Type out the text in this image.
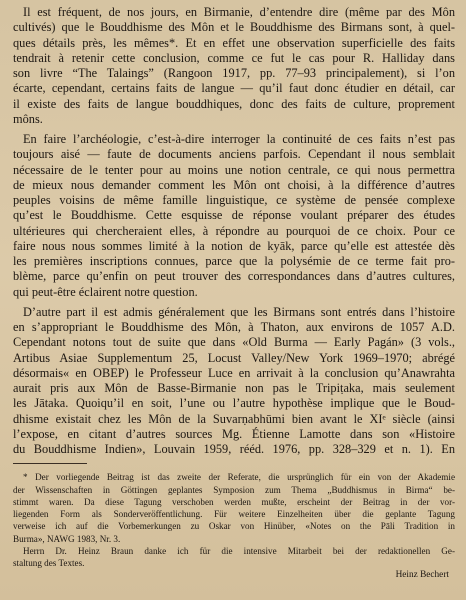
Il est fréquent, de nos jours, en Birmanie, d’entendre dire (même par des Môn
cultivés) que le Bouddhisme des Môn et le Bouddhisme des Birmans sont, à quel-
ques détails près, les mêmes*. Et en effet une observation superficielle des faits
tendrait à retenir cette conclusion, comme ce fut le cas pour R. Halliday dans
son livre “The Talaings” (Rangoon 1917, pp. 77–93 principalement), si l’on
écarte, cependant, certains faits de langue — qu’il faut donc étudier en détail, car
il existe des faits de langue bouddhiques, donc des faits de culture, proprement
môns.

En faire l’archéologie, c’est-à-dire interroger la continuité de ces faits n’est pas
toujours aisé — faute de documents anciens parfois. Cependant il nous semblait
nécessaire de le tenter pour au moins une notion centrale, ce qui nous permettra
de mieux nous demander comment les Môn ont choisi, à la différence d’autres
peuples voisins de même famille linguistique, ce système de pensée complexe
qu’est le Bouddhisme. Cette esquisse de réponse voulant préparer des études
ultérieures qui chercheraient elles, à répondre au pourquoi de ce choix. Pour ce
faire nous nous sommes limité à la notion de kyāk, parce qu’elle est attestée dès
les premières inscriptions connues, parce que la polysémie de ce terme fait pro-
blème, parce qu’enfin on peut trouver des correspondances dans d’autres cultures,
qui peut-être éclairent notre question.

D’autre part il est admis généralement que les Birmans sont entrés dans l’histoire
en s’appropriant le Bouddhisme des Môn, à Thaton, aux environs de 1057 A.D.
Cependant notons tout de suite que dans «Old Burma — Early Pagán» (3 vols.,
Artibus Asiae Supplementum 25, Locust Valley/New York 1969–1970; abrégé
désormais« en OBEP) le Professeur Luce en arrivait à la conclusion qu’Anawrahta
aurait pris aux Môn de Basse-Birmanie non pas le Tripiṭaka, mais seulement
les Jātaka. Quoiqu’il en soit, l’une ou l’autre hypothèse implique que le Boud-
dhisme existait chez les Môn de la Suvarṇabhūmi bien avant le XIᵉ siècle (ainsi
l’expose, en citant d’autres sources Mg. Étienne Lamotte dans son «Histoire
du Bouddhisme Indien», Louvain 1959, rééd. 1976, pp. 328–329 et n. 1). En

* Der vorliegende Beitrag ist das zweite der Referate, die ursprünglich für ein von der Akademie
der Wissenschaften in Göttingen geplantes Symposion zum Thema „Buddhismus in Birma“ be-
stimmt waren. Da diese Tagung verschoben werden mußte, erscheint der Beitrag in der vor-
liegenden Form als Sonderveröffentlichung. Für weitere Einzelheiten über die geplante Tagung
verweise ich auf die Vorbemerkungen zu Oskar von Hinüber, «Notes on the Pāli Tradition in
Burma», NAWG 1983, Nr. 3.
Herrn Dr. Heinz Braun danke ich für die intensive Mitarbeit bei der redaktionellen Ge-
staltung des Textes.
Heinz Bechert
